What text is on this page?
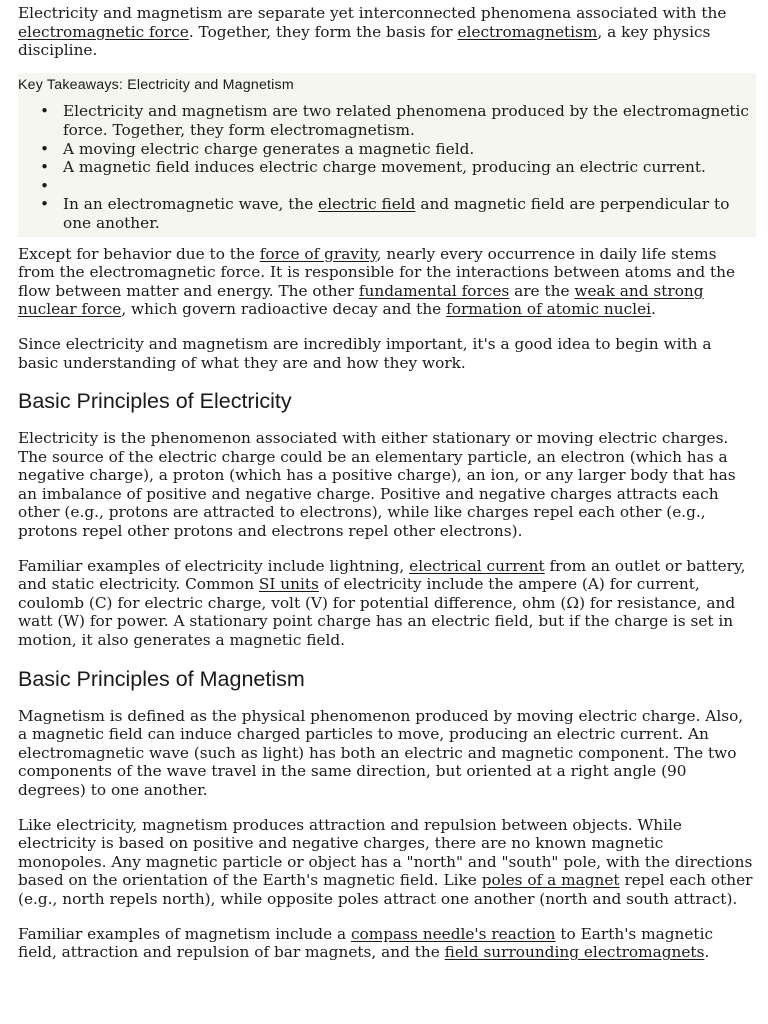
Electricity and magnetism are separate yet interconnected phenomena associated with the electromagnetic force. Together, they form the basis for electromagnetism, a key physics discipline.

Key Takeaways: Electricity and Magnetism
• Electricity and magnetism are two related phenomena produced by the electromagnetic force. Together, they form electromagnetism.
• A moving electric charge generates a magnetic field.
• A magnetic field induces electric charge movement, producing an electric current.
•
• In an electromagnetic wave, the electric field and magnetic field are perpendicular to one another.

Except for behavior due to the force of gravity, nearly every occurrence in daily life stems from the electromagnetic force. It is responsible for the interactions between atoms and the flow between matter and energy. The other fundamental forces are the weak and strong nuclear force, which govern radioactive decay and the formation of atomic nuclei.

Since electricity and magnetism are incredibly important, it's a good idea to begin with a basic understanding of what they are and how they work.

Basic Principles of Electricity

Electricity is the phenomenon associated with either stationary or moving electric charges. The source of the electric charge could be an elementary particle, an electron (which has a negative charge), a proton (which has a positive charge), an ion, or any larger body that has an imbalance of positive and negative charge. Positive and negative charges attracts each other (e.g., protons are attracted to electrons), while like charges repel each other (e.g., protons repel other protons and electrons repel other electrons).

Familiar examples of electricity include lightning, electrical current from an outlet or battery, and static electricity. Common SI units of electricity include the ampere (A) for current, coulomb (C) for electric charge, volt (V) for potential difference, ohm (Ω) for resistance, and watt (W) for power. A stationary point charge has an electric field, but if the charge is set in motion, it also generates a magnetic field.

Basic Principles of Magnetism

Magnetism is defined as the physical phenomenon produced by moving electric charge. Also, a magnetic field can induce charged particles to move, producing an electric current. An electromagnetic wave (such as light) has both an electric and magnetic component. The two components of the wave travel in the same direction, but oriented at a right angle (90 degrees) to one another.

Like electricity, magnetism produces attraction and repulsion between objects. While electricity is based on positive and negative charges, there are no known magnetic monopoles. Any magnetic particle or object has a "north" and "south" pole, with the directions based on the orientation of the Earth's magnetic field. Like poles of a magnet repel each other (e.g., north repels north), while opposite poles attract one another (north and south attract).

Familiar examples of magnetism include a compass needle's reaction to Earth's magnetic field, attraction and repulsion of bar magnets, and the field surrounding electromagnets.
